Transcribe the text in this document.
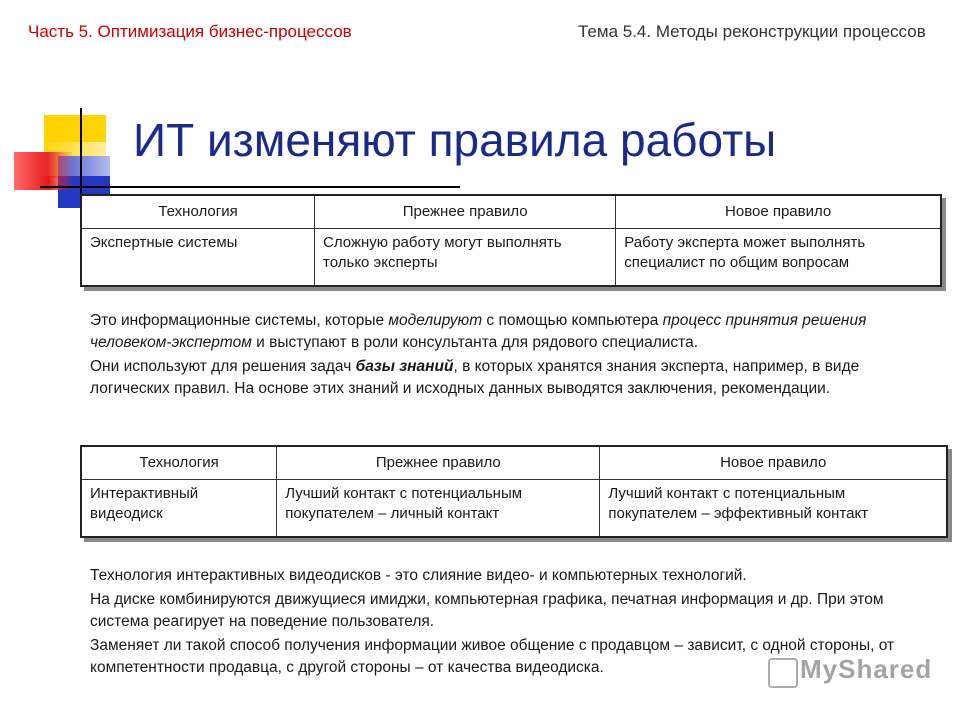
Часть 5. Оптимизация бизнес-процессов	Тема 5.4. Методы реконструкции процессов
ИТ изменяют правила работы
Технология	Прежнее правило	Новое правило
Экспертные системы	Сложную работу могут выполнять только эксперты	Работу эксперта может выполнять специалист по общим вопросам

Это информационные системы, которые моделируют с помощью компьютера процесс принятия решения человеком-экспертом и выступают в роли консультанта для рядового специалиста.

Они используют для решения задач базы знаний, в которых хранятся знания эксперта, например, в виде логических правил. На основе этих знаний и исходных данных выводятся заключения, рекомендации.

Технология	Прежнее правило	Новое правило
Интерактивный видеодиск	Лучший контакт с потенциальным покупателем – личный контакт	Лучший контакт с потенциальным покупателем – эффективный контакт

Технология интерактивных видеодисков - это слияние видео- и компьютерных технологий.

На диске комбинируются движущиеся имиджи, компьютерная графика, печатная информация и др. При этом система реагирует на поведение пользователя.

Заменяет ли такой способ получения информации живое общение с продавцом – зависит, с одной стороны, от компетентности продавца, с другой стороны – от качества видеодиска.	MyShared
